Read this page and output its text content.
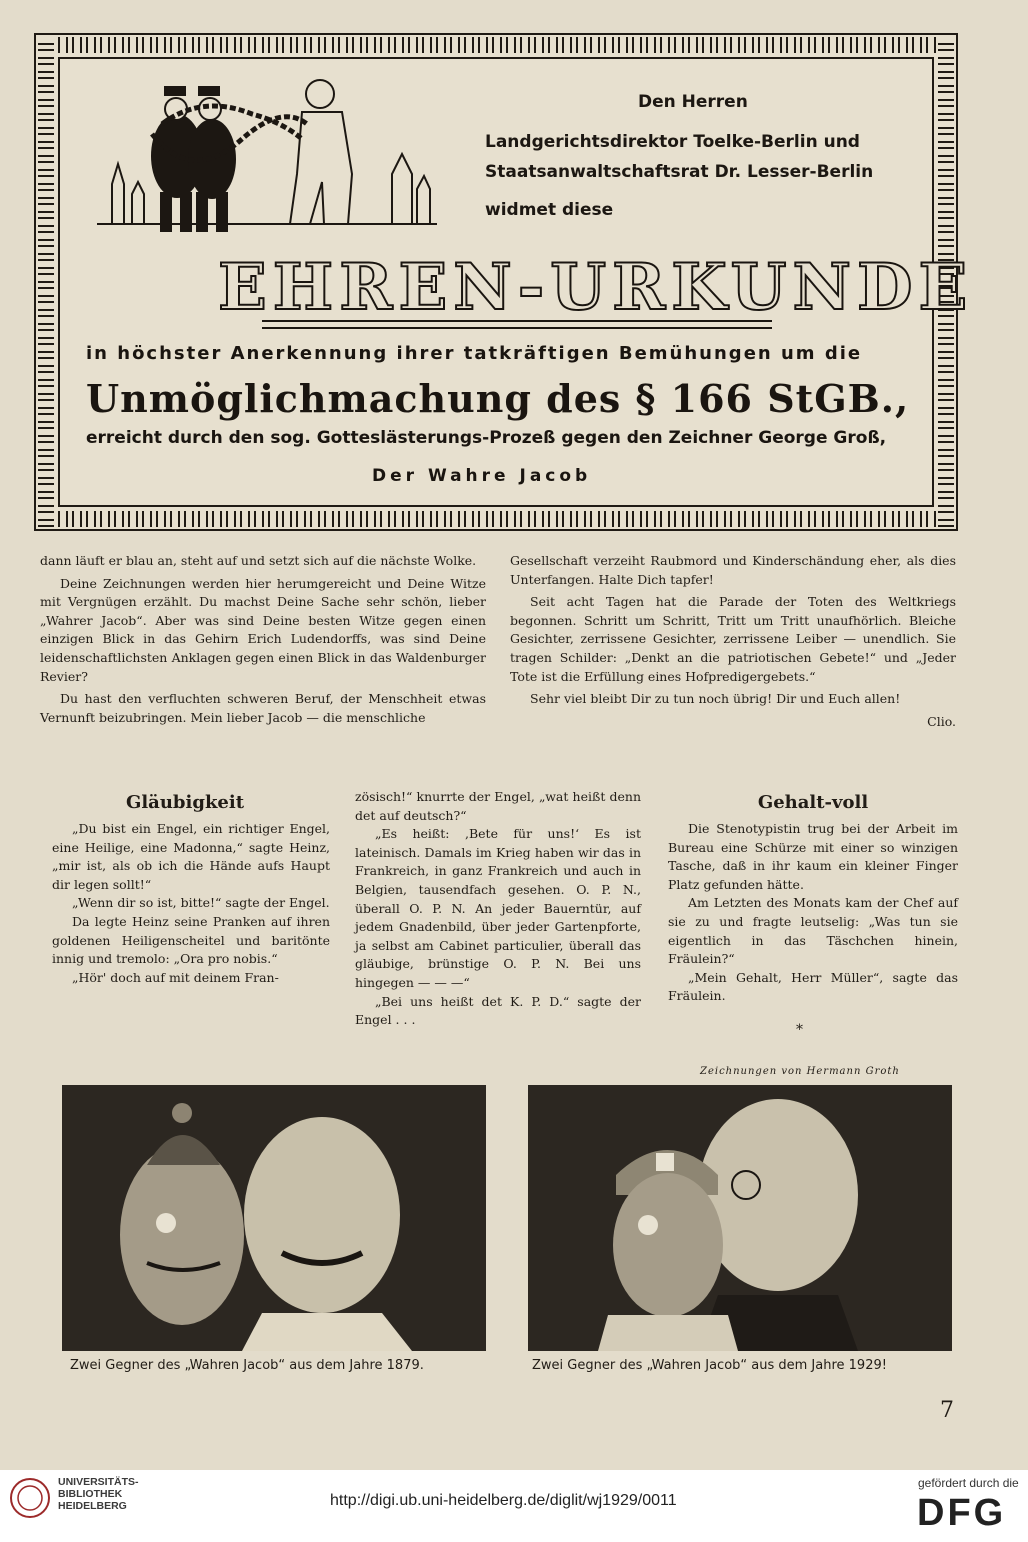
Den Herren
Landgerichtsdirektor Toelke-Berlin und
Staatsanwaltschaftsrat Dr. Lesser-Berlin
widmet diese
EHREN-URKUNDE
in höchster Anerkennung ihrer tatkräftigen Bemühungen um die
Unmöglichmachung des § 166 StGB.,
erreicht durch den sog. Gotteslästerungs-Prozeß gegen den Zeichner George Groß,
Der Wahre Jacob

dann läuft er blau an, steht auf und setzt sich auf die nächste Wolke.

Deine Zeichnungen werden hier herumgereicht und Deine Witze mit Vergnügen erzählt. Du machst Deine Sache sehr schön, lieber „Wahrer Jacob“. Aber was sind Deine besten Witze gegen einen einzigen Blick in das Gehirn Erich Ludendorffs, was sind Deine leidenschaftlichsten Anklagen gegen einen Blick in das Waldenburger Revier?

Du hast den verfluchten schweren Beruf, der Menschheit etwas Vernunft beizubringen. Mein lieber Jacob — die menschliche

Gesellschaft verzeiht Raubmord und Kinderschändung eher, als dies Unterfangen. Halte Dich tapfer!

Seit acht Tagen hat die Parade der Toten des Weltkriegs begonnen. Schritt um Schritt, Tritt um Tritt unaufhörlich. Bleiche Gesichter, zerrissene Gesichter, zerrissene Leiber — unendlich. Sie tragen Schilder: „Denkt an die patriotischen Gebete!“ und „Jeder Tote ist die Erfüllung eines Hofpredigergebets.“

Sehr viel bleibt Dir zu tun noch übrig! Dir und Euch allen!

Clio.

Gläubigkeit

„Du bist ein Engel, ein richtiger Engel, eine Heilige, eine Madonna,“ sagte Heinz, „mir ist, als ob ich die Hände aufs Haupt dir legen sollt!“

„Wenn dir so ist, bitte!“ sagte der Engel.

Da legte Heinz seine Pranken auf ihren goldenen Heiligenscheitel und baritönte innig und tremolo: „Ora pro nobis.“

„Hör' doch auf mit deinem Fran-

zösisch!“ knurrte der Engel, „wat heißt denn det auf deutsch?“

„Es heißt: ,Bete für uns!‘ Es ist lateinisch. Damals im Krieg haben wir das in Frankreich, in ganz Frankreich und auch in Belgien, tausendfach gesehen. O. P. N., überall O. P. N. An jeder Bauerntür, auf jedem Gnadenbild, über jeder Gartenpforte, ja selbst am Cabinet particulier, überall das gläubige, brünstige O. P. N. Bei uns hingegen — — —“

„Bei uns heißt det K. P. D.“ sagte der Engel . . .

Gehalt-voll

Die Stenotypistin trug bei der Arbeit im Bureau eine Schürze mit einer so winzigen Tasche, daß in ihr kaum ein kleiner Finger Platz gefunden hätte.

Am Letzten des Monats kam der Chef auf sie zu und fragte leutselig: „Was tun sie eigentlich in das Täschchen hinein, Fräulein?“

„Mein Gehalt, Herr Müller“, sagte das Fräulein.

*
Zeichnungen von Hermann Groth
Zwei Gegner des „Wahren Jacob“ aus dem Jahre 1879.	Zwei Gegner des „Wahren Jacob“ aus dem Jahre 1929!
7
UNIVERSITÄTS-
BIBLIOTHEK
HEIDELBERG	http://digi.ub.uni-heidelberg.de/diglit/wj1929/0011
gefördert durch die
DFG
